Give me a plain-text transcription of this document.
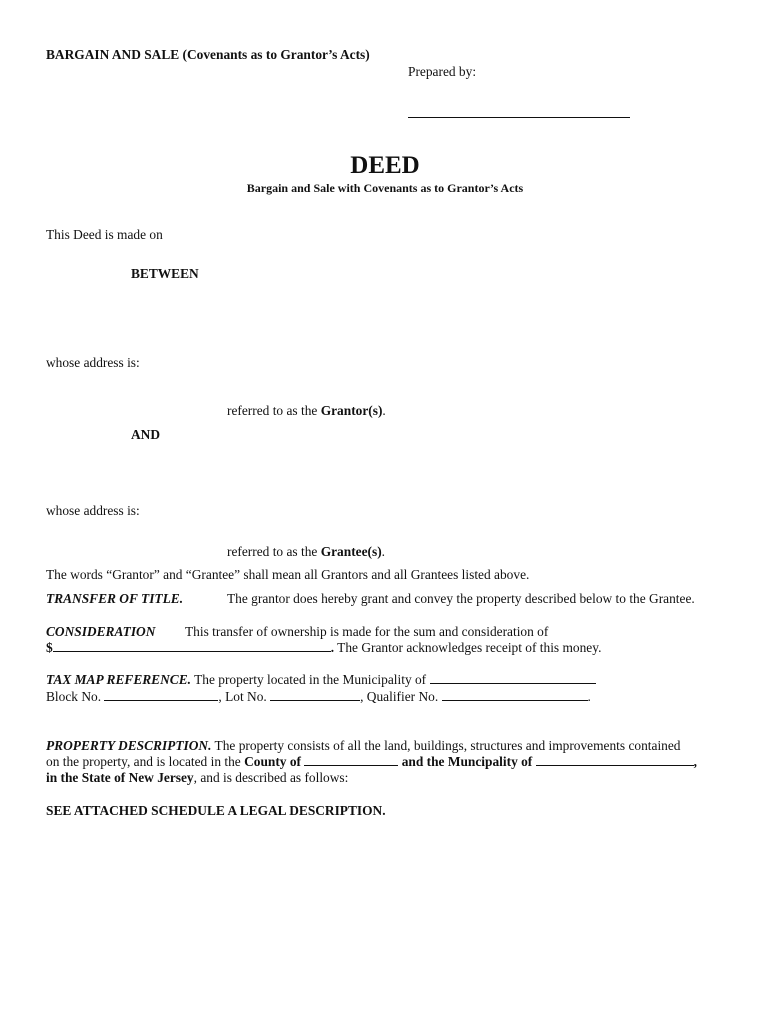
BARGAIN AND SALE (Covenants as to Grantor’s Acts)
Prepared by:
DEED
Bargain and Sale with Covenants as to Grantor’s Acts
This Deed is made on
BETWEEN
whose address is:
referred to as the Grantor(s).
AND
whose address is:
referred to as the Grantee(s).
The words “Grantor” and “Grantee” shall mean all Grantors and all Grantees listed above.
TRANSFER OF TITLE.	The grantor does hereby grant and convey the property described below to the Grantee.
CONSIDERATION This transfer of ownership is made for the sum and consideration of
$	. The Grantor acknowledges receipt of this money.
TAX MAP REFERENCE. The property located in the Municipality of
Block No.	, Lot No.	, Qualifier No.	.
PROPERTY DESCRIPTION. The property consists of all the land, buildings, structures and improvements contained
on the property, and is located in the County of	and the Muncipality of	,
in the State of New Jersey, and is described as follows:
SEE ATTACHED SCHEDULE A LEGAL DESCRIPTION.
